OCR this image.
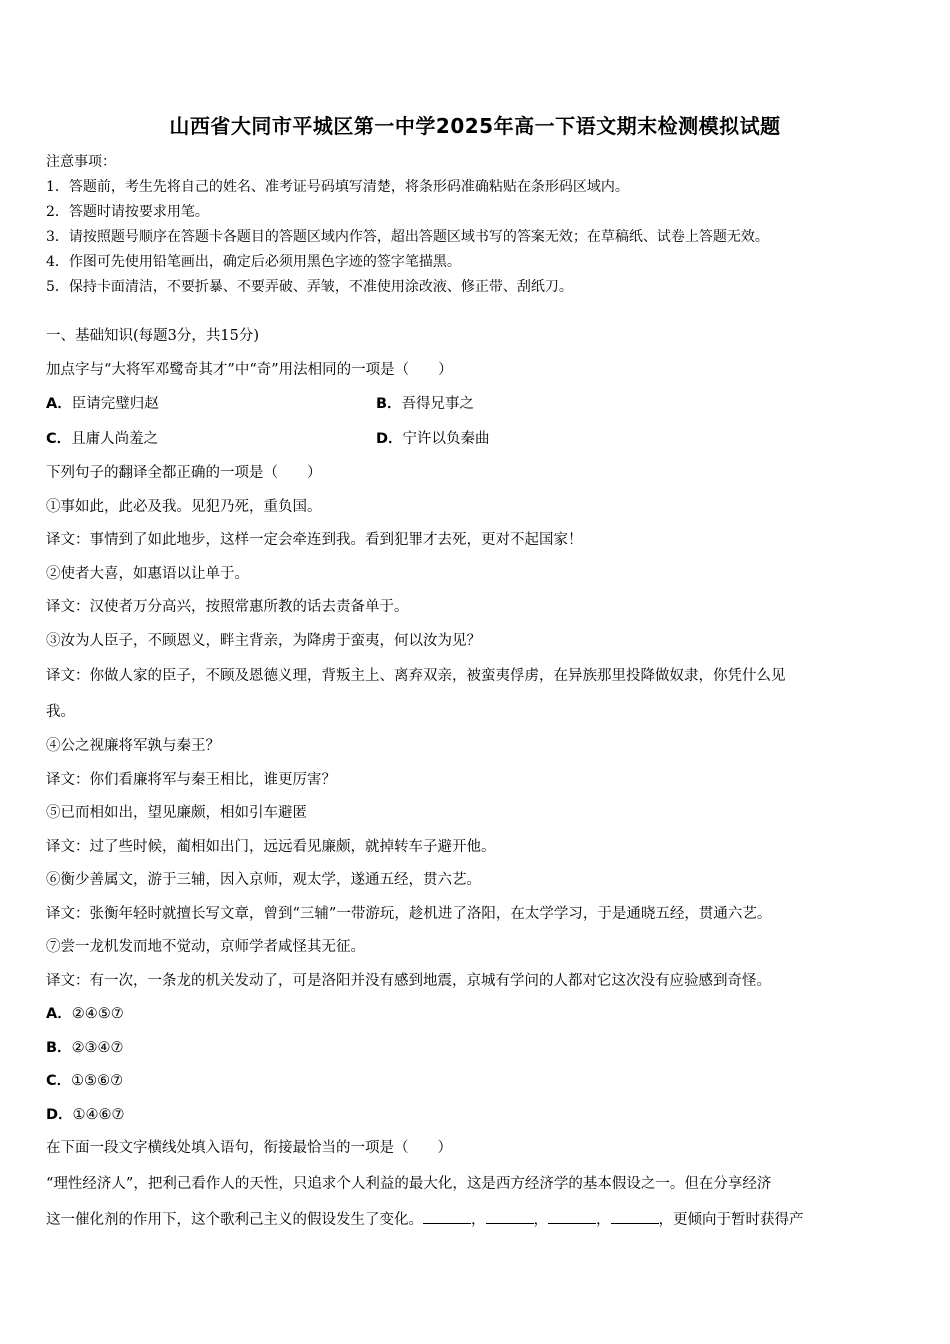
山西省大同市平城区第一中学2025年高一下语文期末检测模拟试题
注意事项：
1．答题前，考生先将自己的姓名、准考证号码填写清楚，将条形码准确粘贴在条形码区域内。
2．答题时请按要求用笔。
3．请按照题号顺序在答题卡各题目的答题区域内作答，超出答题区域书写的答案无效；在草稿纸、试卷上答题无效。
4．作图可先使用铅笔画出，确定后必须用黑色字迹的签字笔描黑。
5．保持卡面清洁，不要折暴、不要弄破、弄皱，不准使用涂改液、修正带、刮纸刀。
一、基础知识(每题3分，共15分)
加点字与“大将军邓鹭奇其才”中“奇”用法相同的一项是（　　）
A．臣请完璧归赵	B．吾得兄事之
C．且庸人尚羞之	D．宁许以负秦曲
下列句子的翻译全都正确的一项是（　　）
①事如此，此必及我。见犯乃死，重负国。
译文：事情到了如此地步，这样一定会牵连到我。看到犯罪才去死，更对不起国家！
②使者大喜，如惠语以让单于。
译文：汉使者万分高兴，按照常惠所教的话去责备单于。
③汝为人臣子，不顾恩义，畔主背亲，为降虏于蛮夷，何以汝为见？
译文：你做人家的臣子，不顾及恩德义理，背叛主上、离弃双亲，被蛮夷俘虏，在异族那里投降做奴隶，你凭什么见
我。
④公之视廉将军孰与秦王？
译文：你们看廉将军与秦王相比，谁更厉害？
⑤已而相如出，望见廉颇，相如引车避匿
译文：过了些时候，蔺相如出门，远远看见廉颇，就掉转车子避开他。
⑥衡少善属文，游于三辅，因入京师，观太学，遂通五经，贯六艺。
译文：张衡年轻时就擅长写文章，曾到“三辅”一带游玩，趁机进了洛阳，在太学学习，于是通晓五经，贯通六艺。
⑦尝一龙机发而地不觉动，京师学者咸怪其无征。
译文：有一次，一条龙的机关发动了，可是洛阳并没有感到地震，京城有学问的人都对它这次没有应验感到奇怪。
A．②④⑤⑦
B．②③④⑦
C．①⑤⑥⑦
D．①④⑥⑦
在下面一段文字横线处填入语句，衔接最恰当的一项是（　　）
“理性经济人”，把利己看作人的天性，只追求个人利益的最大化，这是西方经济学的基本假设之一。但在分享经济
这一催化剂的作用下，这个歌利己主义的假设发生了变化。	，	，	，	，更倾向于暂时获得产
